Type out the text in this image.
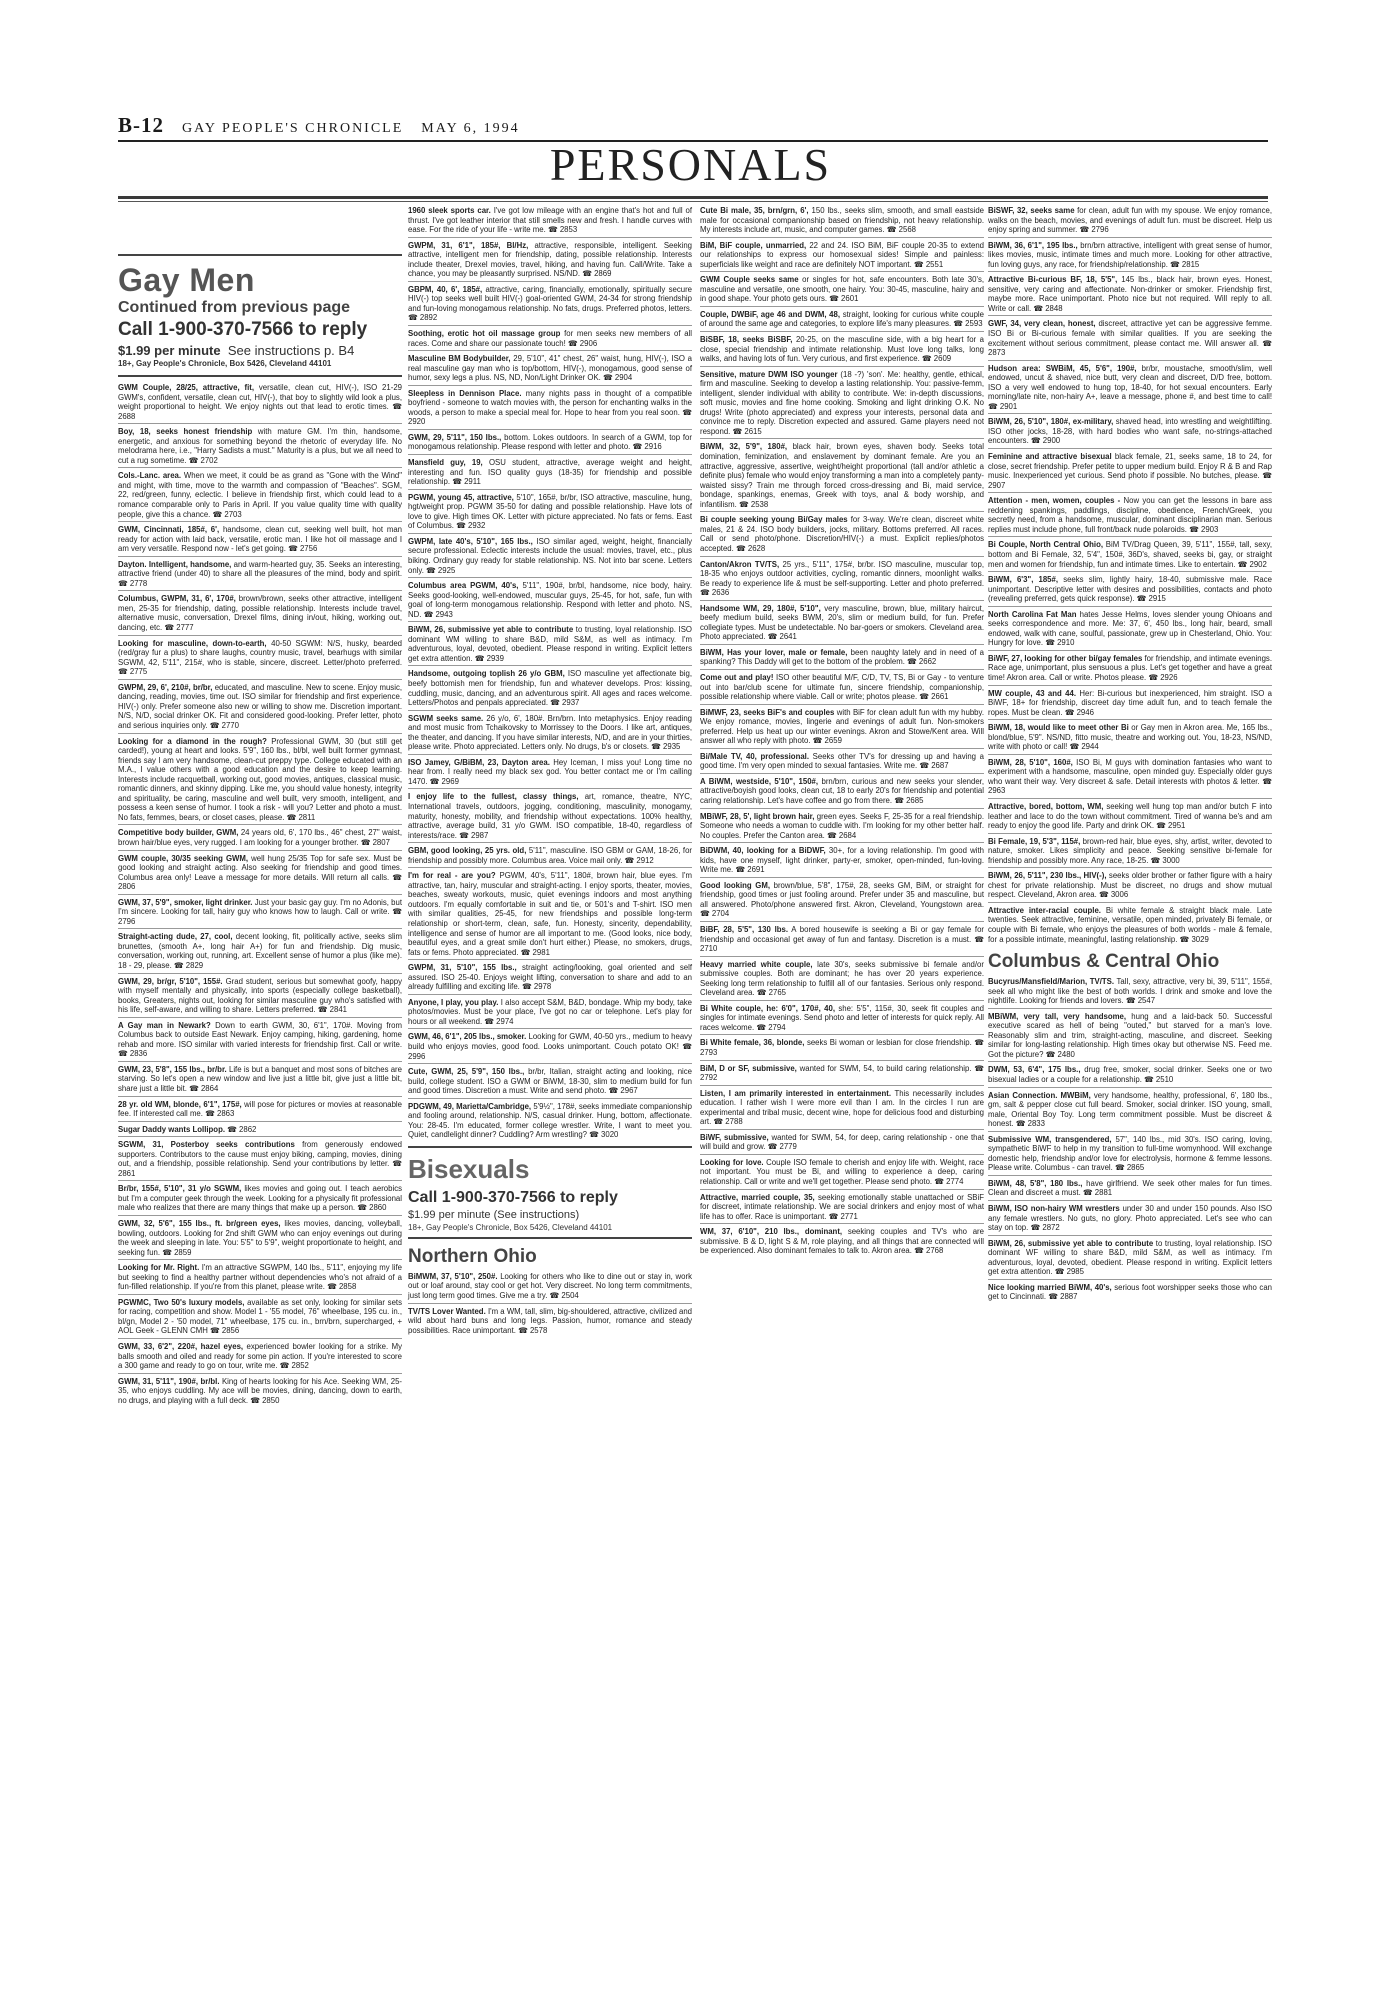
B-12 GAY PEOPLE'S CHRONICLE MAY 6, 1994
PERSONALS
Gay Men
Continued from previous page
Call 1-900-370-7566 to reply
$1.99 per minute See instructions p. B4
18+, Gay People's Chronicle, Box 5426, Cleveland 44101
GWM Couple, 28/25, attractive, fit, versatile, clean cut, HIV(-), ISO 21-29 GWM's, confident, versatile, clean cut, HIV(-), that boy to slightly wild look a plus, weight proportional to height. We enjoy nights out that lead to erotic times. ☎ 2688
Boy, 18, seeks honest friendship with mature GM. I'm thin, handsome, energetic, and anxious for something beyond the rhetoric of everyday life. No melodrama here, i.e., "Harry Sadists a must." Maturity is a plus, but we all need to cut a rug sometime. ☎ 2702
Cols.-Lanc. area. When we meet, it could be as grand as "Gone with the Wind" and might, with time, move to the warmth and compassion of "Beaches". SGM, 22, red/green, funny, eclectic. I believe in friendship first, which could lead to a romance comparable only to Paris in April. If you value quality time with quality people, give this a chance. ☎ 2703
GWM, Cincinnati, 185#, 6', handsome, clean cut, seeking well built, hot man ready for action with laid back, versatile, erotic man. I like hot oil massage and I am very versatile. Respond now - let's get going. ☎ 2756
Dayton. Intelligent, handsome, and warm-hearted guy, 35. Seeks an interesting, attractive friend (under 40) to share all the pleasures of the mind, body and spirit. ☎ 2778
Columbus, GWPM, 31, 6', 170#, brown/brown, seeks other attractive, intelligent men, 25-35 for friendship, dating, possible relationship. Interests include travel, alternative music, conversation, Drexel films, dining in/out, hiking, working out, dancing, etc. ☎ 2777
Looking for masculine, down-to-earth, 40-50 SGWM: N/S, husky, bearded (red/gray fur a plus) to share laughs, country music, travel, bearhugs with similar SGWM, 42, 5'11", 215#, who is stable, sincere, discreet. Letter/photo preferred. ☎ 2775
GWPM, 29, 6', 210#, br/br, educated, and masculine. New to scene. Enjoy music, dancing, reading, movies, time out. ISO similar for friendship and first experience. HIV(-) only. Prefer someone also new or willing to show me. Discretion important. N/S, N/D, social drinker OK. Fit and considered good-looking. Prefer letter, photo and serious inquiries only. ☎ 2770
Looking for a diamond in the rough? Professional GWM, 30 (but still get carded!), young at heart and looks. 5'9", 160 lbs., bl/bl, well built former gymnast, friends say I am very handsome, clean-cut preppy type. College educated with an M.A., I value others with a good education and the desire to keep learning. Interests include racquetball, working out, good movies, antiques, classical music, romantic dinners, and skinny dipping. Like me, you should value honesty, integrity and spirituality, be caring, masculine and well built, very smooth, intelligent, and possess a keen sense of humor. I took a risk - will you? Letter and photo a must. No fats, femmes, bears, or closet cases, please. ☎ 2811
Competitive body builder, GWM, 24 years old, 6', 170 lbs., 46" chest, 27" waist, brown hair/blue eyes, very rugged. I am looking for a younger brother. ☎ 2807
GWM couple, 30/35 seeking GWM, well hung 25/35 Top for safe sex. Must be good looking and straight acting. Also seeking for friendship and good times. Columbus area only! Leave a message for more details. Will return all calls. ☎ 2806
GWM, 37, 5'9", smoker, light drinker. Just your basic gay guy. I'm no Adonis, but I'm sincere. Looking for tall, hairy guy who knows how to laugh. Call or write. ☎ 2796
Straight-acting dude, 27, cool, decent looking, fit, politically active, seeks slim brunettes, (smooth A+, long hair A+) for fun and friendship. Dig music, conversation, working out, running, art. Excellent sense of humor a plus (like me). 18 - 29, please. ☎ 2829
GWM, 29, br/gr, 5'10", 155#. Grad student, serious but somewhat goofy, happy with myself mentally and physically, into sports (especially college basketball), books, Greaters, nights out, looking for similar masculine guy who's satisfied with his life, self-aware, and willing to share. Letters preferred. ☎ 2841
A Gay man in Newark? Down to earth GWM, 30, 6'1", 170#. Moving from Columbus back to outside East Newark. Enjoy camping, hiking, gardening, home rehab and more. ISO similar with varied interests for friendship first. Call or write. ☎ 2836
GWM, 23, 5'8", 155 lbs., br/br. Life is but a banquet and most sons of bitches are starving. So let's open a new window and live just a little bit, give just a little bit, share just a little bit. ☎ 2864
28 yr. old WM, blonde, 6'1", 175#, will pose for pictures or movies at reasonable fee. If interested call me. ☎ 2863
Sugar Daddy wants Lollipop. ☎ 2862
SGWM, 31, Posterboy seeks contributions from generously endowed supporters. Contributors to the cause must enjoy biking, camping, movies, dining out, and a friendship, possible relationship. Send your contributions by letter. ☎ 2861
Br/br, 155#, 5'10", 31 y/o SGWM, likes movies and going out. I teach aerobics but I'm a computer geek through the week. Looking for a physically fit professional male who realizes that there are many things that make up a person. ☎ 2860
GWM, 32, 5'6", 155 lbs., ft. br/green eyes, likes movies, dancing, volleyball, bowling, outdoors. Looking for 2nd shift GWM who can enjoy evenings out during the week and sleeping in late. You: 5'5" to 5'9", weight proportionate to height, and seeking fun. ☎ 2859
Looking for Mr. Right. I'm an attractive SGWPM, 140 lbs., 5'11", enjoying my life but seeking to find a healthy partner without dependencies who's not afraid of a fun-filled relationship. If you're from this planet, please write. ☎ 2858
PGWMC, Two 50's luxury models, available as set only, looking for similar sets for racing, competition and show. Model 1 - '55 model, 76" wheelbase, 195 cu. in., bl/gn, Model 2 - '50 model, 71" wheelbase, 175 cu. in., brn/brn, supercharged, + AOL Geek - GLENN CMH ☎ 2856
GWM, 33, 6'2", 220#, hazel eyes, experienced bowler looking for a strike. My balls smooth and oiled and ready for some pin action. If you're interested to score a 300 game and ready to go on tour, write me. ☎ 2852
GWM, 31, 5'11", 190#, br/bl. King of hearts looking for his Ace. Seeking WM, 25-35, who enjoys cuddling. My ace will be movies, dining, dancing, down to earth, no drugs, and playing with a full deck. ☎ 2850
1960 sleek sports car. I've got low mileage with an engine that's hot and full of thrust. I've got leather interior that still smells new and fresh. I handle curves with ease. For the ride of your life - write me. ☎ 2853
GWPM, 31, 6'1", 185#, Bl/Hz, attractive, responsible, intelligent. Seeking attractive, intelligent men for friendship, dating, possible relationship. Interests include theater, Drexel movies, travel, hiking, and having fun. Call/Write. Take a chance, you may be pleasantly surprised. NS/ND. ☎ 2869
GBPM, 40, 6', 185#, attractive, caring, financially, emotionally, spiritually secure HIV(-) top seeks well built HIV(-) goal-oriented GWM, 24-34 for strong friendship and fun-loving monogamous relationship. No fats, drugs. Preferred photos, letters. ☎ 2892
Soothing, erotic hot oil massage group for men seeks new members of all races. Come and share our passionate touch! ☎ 2906
Masculine BM Bodybuilder, 29, 5'10", 41" chest, 26" waist, hung, HIV(-), ISO a real masculine gay man who is top/bottom, HIV(-), monogamous, good sense of humor, sexy legs a plus. NS, ND, Non/Light Drinker OK. ☎ 2904
Sleepless in Dennison Place. many nights pass in thought of a compatible boyfriend - someone to watch movies with, the person for enchanting walks in the woods, a person to make a special meal for. Hope to hear from you real soon. ☎ 2920
GWM, 29, 5'11", 150 lbs., bottom. Lokes outdoors. In search of a GWM, top for monogamous relationship. Please respond with letter and photo. ☎ 2916
Mansfield guy, 19, OSU student, attractive, average weight and height, interesting and fun. ISO quality guys (18-35) for friendship and possible relationship. ☎ 2911
PGWM, young 45, attractive, 5'10", 165#, br/br, ISO attractive, masculine, hung, hgt/weight prop. PGWM 35-50 for dating and possible relationship. Have lots of love to give. High times OK. Letter with picture appreciated. No fats or fems. East of Columbus. ☎ 2932
GWPM, late 40's, 5'10", 165 lbs., ISO similar aged, weight, height, financially secure professional. Eclectic interests include the usual: movies, travel, etc., plus biking. Ordinary guy ready for stable relationship. NS. Not into bar scene. Letters only. ☎ 2925
Columbus area PGWM, 40's, 5'11", 190#, br/bl, handsome, nice body, hairy. Seeks good-looking, well-endowed, muscular guys, 25-45, for hot, safe, fun with goal of long-term monogamous relationship. Respond with letter and photo. NS, ND. ☎ 2943
BiWM, 26, submissive yet able to contribute to trusting, loyal relationship. ISO dominant WM willing to share B&D, mild S&M, as well as intimacy. I'm adventurous, loyal, devoted, obedient. Please respond in writing. Explicit letters get extra attention. ☎ 2939
Handsome, outgoing toplish 26 y/o GBM, ISO masculine yet affectionate big, beefy bottomish men for friendship, fun and whatever develops. Pros: kissing, cuddling, music, dancing, and an adventurous spirit. All ages and races welcome. Letters/Photos and penpals appreciated. ☎ 2937
SGWM seeks same. 26 y/o, 6', 180#. Brn/brn. Into metaphysics. Enjoy reading and most music from Tchaikovsky to Morrissey to the Doors. I like art, antiques, the theater, and dancing. If you have similar interests, N/D, and are in your thirties, please write. Photo appreciated. Letters only. No drugs, b's or closets. ☎ 2935
ISO Jamey, G/BiBM, 23, Dayton area. Hey Iceman, I miss you! Long time no hear from. I really need my black sex god. You better contact me or I'm calling 1470. ☎ 2969
I enjoy life to the fullest, classy things, art, romance, theatre, NYC, International travels, outdoors, jogging, conditioning, masculinity, monogamy, maturity, honesty, mobility, and friendship without expectations. 100% healthy, attractive, average build, 31 y/o GWM. ISO compatible, 18-40, regardless of interests/race. ☎ 2987
GBM, good looking, 25 yrs. old, 5'11", masculine. ISO GBM or GAM, 18-26, for friendship and possibly more. Columbus area. Voice mail only. ☎ 2912
I'm for real - are you? PGWM, 40's, 5'11", 180#, brown hair, blue eyes. I'm attractive, tan, hairy, muscular and straight-acting. I enjoy sports, theater, movies, beaches, sweaty workouts, music, quiet evenings indoors and most anything outdoors. I'm equally comfortable in suit and tie, or 501's and T-shirt. ISO men with similar qualities, 25-45, for new friendships and possible long-term relationship or short-term, clean, safe, fun. Honesty, sincerity, dependability, intelligence and sense of humor are all important to me. (Good looks, nice body, beautiful eyes, and a great smile don't hurt either.) Please, no smokers, drugs, fats or fems. Photo appreciated. ☎ 2981
GWPM, 31, 5'10", 155 lbs., straight acting/looking, goal oriented and self assured. ISO 25-40. Enjoys weight lifting, conversation to share and add to an already fulfilling and exciting life. ☎ 2978
Anyone, I play, you play. I also accept S&M, B&D, bondage. Whip my body, take photos/movies. Must be your place, I've got no car or telephone. Let's play for hours or all weekend. ☎ 2974
GWM, 46, 6'1", 205 lbs., smoker. Looking for GWM, 40-50 yrs., medium to heavy build who enjoys movies, good food. Looks unimportant. Couch potato OK! ☎ 2996
Cute, GWM, 25, 5'9", 150 lbs., br/br, Italian, straight acting and looking, nice build, college student. ISO a GWM or BiWM, 18-30, slim to medium build for fun and good times. Discretion a must. Write and send photo. ☎ 2967
PDGWM, 49, Marietta/Cambridge, 5'9½", 178#, seeks immediate companionship and fooling around, relationship. N/S, casual drinker. Hung, bottom, affectionate. You: 28-45. I'm educated, former college wrestler. Write, I want to meet you. Quiet, candlelight dinner? Cuddling? Arm wrestling? ☎ 3020
Bisexuals
Call 1-900-370-7566 to reply
$1.99 per minute (See instructions)
18+, Gay People's Chronicle, Box 5426, Cleveland 44101
Northern Ohio
BiMWM, 37, 5'10", 250#. Looking for others who like to dine out or stay in, work out or loaf around, stay cool or get hot. Very discreet. No long term commitments, just long term good times. Give me a try. ☎ 2504
TV/TS Lover Wanted. I'm a WM, tall, slim, big-shouldered, attractive, civilized and wild about hard buns and long legs. Passion, humor, romance and steady possibilities. Race unimportant. ☎ 2578
Cute Bi male, 35, brn/grn, 6', 150 lbs., seeks slim, smooth, and small eastside male for occasional companionship based on friendship, not heavy relationship. My interests include art, music, and computer games. ☎ 2568
BiM, BiF couple, unmarried, 22 and 24. ISO BiM, BiF couple 20-35 to extend our relationships to express our homosexual sides! Simple and painless: superficials like weight and race are definitely NOT important. ☎ 2551
GWM Couple seeks same or singles for hot, safe encounters. Both late 30's, masculine and versatile, one smooth, one hairy. You: 30-45, masculine, hairy and in good shape. Your photo gets ours. ☎ 2601
Couple, DWBiF, age 46 and DWM, 48, straight, looking for curious white couple of around the same age and categories, to explore life's many pleasures. ☎ 2593
BiSBF, 18, seeks BiSBF, 20-25, on the masculine side, with a big heart for a close, special friendship and intimate relationship. Must love long talks, long walks, and having lots of fun. Very curious, and first experience. ☎ 2609
Sensitive, mature DWM ISO younger (18 -?) 'son'. Me: healthy, gentle, ethical, firm and masculine. Seeking to develop a lasting relationship. You: passive-femm, intelligent, slender individual with ability to contribute. We: in-depth discussions, soft music, movies and fine home cooking. Smoking and light drinking O.K. No drugs! Write (photo appreciated) and express your interests, personal data and convince me to reply. Discretion expected and assured. Game players need not respond. ☎ 2615
BiWM, 32, 5'9", 180#, black hair, brown eyes, shaven body. Seeks total domination, feminization, and enslavement by dominant female. Are you an attractive, aggressive, assertive, weight/height proportional (tall and/or athletic a definite plus) female who would enjoy transforming a man into a completely panty-waisted sissy? Train me through forced cross-dressing and Bi, maid service, bondage, spankings, enemas, Greek with toys, anal & body worship, and infantilism. ☎ 2538
Bi couple seeking young Bi/Gay males for 3-way. We're clean, discreet white males, 21 & 24. ISO body builders, jocks, military. Bottoms preferred. All races. Call or send photo/phone. Discretion/HIV(-) a must. Explicit replies/photos accepted. ☎ 2628
Canton/Akron TV/TS, 25 yrs., 5'11", 175#, br/br. ISO masculine, muscular top, 18-35 who enjoys outdoor activities, cycling, romantic dinners, moonlight walks. Be ready to experience life & must be self-supporting. Letter and photo preferred. ☎ 2636
Handsome WM, 29, 180#, 5'10", very masculine, brown, blue, military haircut, beefy medium build, seeks BWM, 20's, slim or medium build, for fun. Prefer collegiate types. Must be undetectable. No bar-goers or smokers. Cleveland area. Photo appreciated. ☎ 2641
BiWM, Has your lover, male or female, been naughty lately and in need of a spanking? This Daddy will get to the bottom of the problem. ☎ 2662
Come out and play! ISO other beautiful M/F, C/D, TV, TS, Bi or Gay - to venture out into bar/club scene for ultimate fun, sincere friendship, companionship, possible relationship where viable. Call or write; photos please. ☎ 2661
BiMWF, 23, seeks BiF's and couples with BiF for clean adult fun with my hubby. We enjoy romance, movies, lingerie and evenings of adult fun. Non-smokers preferred. Help us heat up our winter evenings. Akron and Stowe/Kent area. Will answer all who reply with photo. ☎ 2659
Bi/Male TV, 40, professional. Seeks other TV's for dressing up and having a good time. I'm very open minded to sexual fantasies. Write me. ☎ 2687
A BiWM, westside, 5'10", 150#, brn/brn, curious and new seeks your slender, attractive/boyish good looks, clean cut, 18 to early 20's for friendship and potential caring relationship. Let's have coffee and go from there. ☎ 2685
MBiWF, 28, 5', light brown hair, green eyes. Seeks F, 25-35 for a real friendship. Someone who needs a woman to cuddle with. I'm looking for my other better half. No couples. Prefer the Canton area. ☎ 2684
BiDWM, 40, looking for a BiDWF, 30+, for a loving relationship. I'm good with kids, have one myself, light drinker, party-er, smoker, open-minded, fun-loving. Write me. ☎ 2691
Good looking GM, brown/blue, 5'8", 175#, 28, seeks GM, BiM, or straight for friendship, good times or just fooling around. Prefer under 35 and masculine, but all answered. Photo/phone answered first. Akron, Cleveland, Youngstown area. ☎ 2704
BiBF, 28, 5'5", 130 lbs. A bored housewife is seeking a Bi or gay female for friendship and occasional get away of fun and fantasy. Discretion is a must. ☎ 2710
Heavy married white couple, late 30's, seeks submissive bi female and/or submissive couples. Both are dominant; he has over 20 years experience. Seeking long term relationship to fulfill all of our fantasies. Serious only respond. Cleveland area. ☎ 2765
Bi White couple, he: 6'0", 170#, 40, she: 5'5", 115#, 30, seek fit couples and singles for intimate evenings. Send photo and letter of interests for quick reply. All races welcome. ☎ 2794
Bi White female, 36, blonde, seeks Bi woman or lesbian for close friendship. ☎ 2793
BiM, D or SF, submissive, wanted for SWM, 54, to build caring relationship. ☎ 2792
Listen, I am primarily interested in entertainment. This necessarily includes education. I rather wish I were more evil than I am. In the circles I run are experimental and tribal music, decent wine, hope for delicious food and disturbing art. ☎ 2788
BiWF, submissive, wanted for SWM, 54, for deep, caring relationship - one that will build and grow. ☎ 2779
Looking for love. Couple ISO female to cherish and enjoy life with. Weight, race not important. You must be Bi, and willing to experience a deep, caring relationship. Call or write and we'll get together. Please send photo. ☎ 2774
Attractive, married couple, 35, seeking emotionally stable unattached or SBiF for discreet, intimate relationship. We are social drinkers and enjoy most of what life has to offer. Race is unimportant. ☎ 2771
WM, 37, 6'10", 210 lbs., dominant, seeking couples and TV's who are submissive. B & D, light S & M, role playing, and all things that are connected will be experienced. Also dominant females to talk to. Akron area. ☎ 2768
BiSWF, 32, seeks same for clean, adult fun with my spouse. We enjoy romance, walks on the beach, movies, and evenings of adult fun. must be discreet. Help us enjoy spring and summer. ☎ 2796
BiWM, 36, 6'1", 195 lbs., brn/brn attractive, intelligent with great sense of humor, likes movies, music, intimate times and much more. Looking for other attractive, fun loving guys, any race, for friendship/relationship. ☎ 2815
Attractive Bi-curious BF, 18, 5'5", 145 lbs., black hair, brown eyes. Honest, sensitive, very caring and affectionate. Non-drinker or smoker. Friendship first, maybe more. Race unimportant. Photo nice but not required. Will reply to all. Write or call. ☎ 2848
GWF, 34, very clean, honest, discreet, attractive yet can be aggressive femme. ISO Bi or Bi-curious female with similar qualities. If you are seeking the excitement without serious commitment, please contact me. Will answer all. ☎ 2873
Hudson area: SWBiM, 45, 5'6", 190#, br/br, moustache, smooth/slim, well endowed, uncut & shaved, nice butt, very clean and discreet, D/D free, bottom. ISO a very well endowed to hung top, 18-40, for hot sexual encounters. Early morning/late nite, non-hairy A+, leave a message, phone #, and best time to call! ☎ 2901
BiWM, 26, 5'10", 180#, ex-military, shaved head, into wrestling and weightlifting. ISO other jocks, 18-28, with hard bodies who want safe, no-strings-attached encounters. ☎ 2900
Feminine and attractive bisexual black female, 21, seeks same, 18 to 24, for close, secret friendship. Prefer petite to upper medium build. Enjoy R & B and Rap music. Inexperienced yet curious. Send photo if possible. No butches, please. ☎ 2907
Attention - men, women, couples - Now you can get the lessons in bare ass reddening spankings, paddlings, discipline, obedience, French/Greek, you secretly need, from a handsome, muscular, dominant disciplinarian man. Serious replies must include phone, full front/back nude polaroids. ☎ 2903
Bi Couple, North Central Ohio, BiM TV/Drag Queen, 39, 5'11", 155#, tall, sexy, bottom and Bi Female, 32, 5'4", 150#, 36D's, shaved, seeks bi, gay, or straight men and women for friendship, fun and intimate times. Like to entertain. ☎ 2902
BiWM, 6'3", 185#, seeks slim, lightly hairy, 18-40, submissive male. Race unimportant. Descriptive letter with desires and possibilities, contacts and photo (revealing preferred, gets quick response). ☎ 2915
North Carolina Fat Man hates Jesse Helms, loves slender young Ohioans and seeks correspondence and more. Me: 37, 6', 450 lbs., long hair, beard, small endowed, walk with cane, soulful, passionate, grew up in Chesterland, Ohio. You: Hungry for love. ☎ 2910
BiWF, 27, looking for other bi/gay females for friendship, and intimate evenings. Race age, unimportant, plus sensuous a plus. Let's get together and have a great time! Akron area. Call or write. Photos please. ☎ 2926
MW couple, 43 and 44. Her: Bi-curious but inexperienced, him straight. ISO a BiWF, 18+ for friendship, discreet day time adult fun, and to teach female the ropes. Must be clean. ☎ 2946
BiWM, 18, would like to meet other Bi or Gay men in Akron area. Me, 165 lbs., blond/blue, 5'9". NS/ND, fitto music, theatre and working out. You, 18-23, NS/ND, write with photo or call! ☎ 2944
BiWM, 28, 5'10", 160#, ISO Bi, M guys with domination fantasies who want to experiment with a handsome, masculine, open minded guy. Especially older guys who want their way. Very discreet & safe. Detail interests with photos & letter. ☎ 2963
Attractive, bored, bottom, WM, seeking well hung top man and/or butch F into leather and lace to do the town without commitment. Tired of wanna be's and am ready to enjoy the good life. Party and drink OK. ☎ 2951
Bi Female, 19, 5'3", 115#, brown-red hair, blue eyes, shy, artist, writer, devoted to nature, smoker. Likes simplicity and peace. Seeking sensitive bi-female for friendship and possibly more. Any race, 18-25. ☎ 3000
BiWM, 26, 5'11", 230 lbs., HIV(-), seeks older brother or father figure with a hairy chest for private relationship. Must be discreet, no drugs and show mutual respect. Cleveland, Akron area. ☎ 3006
Attractive inter-racial couple. Bi white female & straight black male. Late twenties. Seek attractive, feminine, versatile, open minded, privately Bi female, or couple with Bi female, who enjoys the pleasures of both worlds - male & female, for a possible intimate, meaningful, lasting relationship. ☎ 3029
Columbus & Central Ohio
Bucyrus/Mansfield/Marion, TV/TS. Tall, sexy, attractive, very bi, 39, 5'11", 155#, seek all who might like the best of both worlds. I drink and smoke and love the nightlife. Looking for friends and lovers. ☎ 2547
MBiWM, very tall, very handsome, hung and a laid-back 50. Successful executive scared as hell of being "outed," but starved for a man's love. Reasonably slim and trim, straight-acting, masculine, and discreet. Seeking similar for long-lasting relationship. High times okay but otherwise NS. Feed me. Got the picture? ☎ 2480
DWM, 53, 6'4", 175 lbs., drug free, smoker, social drinker. Seeks one or two bisexual ladies or a couple for a relationship. ☎ 2510
Asian Connection. MWBiM, very handsome, healthy, professional, 6', 180 lbs., gm, salt & pepper close cut full beard. Smoker, social drinker. ISO young, small, male, Oriental Boy Toy. Long term commitment possible. Must be discreet & honest. ☎ 2833
Submissive WM, transgendered, 57", 140 lbs., mid 30's. ISO caring, loving, sympathetic BiWF to help in my transition to full-time womynhood. Will exchange domestic help, friendship and/or love for electrolysis, hormone & femme lessons. Please write. Columbus - can travel. ☎ 2865
BiWM, 48, 5'8", 180 lbs., have girlfriend. We seek other males for fun times. Clean and discreet a must. ☎ 2881
BiWM, ISO non-hairy WM wrestlers under 30 and under 150 pounds. Also ISO any female wrestlers. No guts, no glory. Photo appreciated. Let's see who can stay on top. ☎ 2872
BiWM, 26, submissive yet able to contribute to trusting, loyal relationship. ISO dominant WF willing to share B&D, mild S&M, as well as intimacy. I'm adventurous, loyal, devoted, obedient. Please respond in writing. Explicit letters get extra attention. ☎ 2985
Nice looking married BiWM, 40's, serious foot worshipper seeks those who can get to Cincinnati. ☎ 2887
